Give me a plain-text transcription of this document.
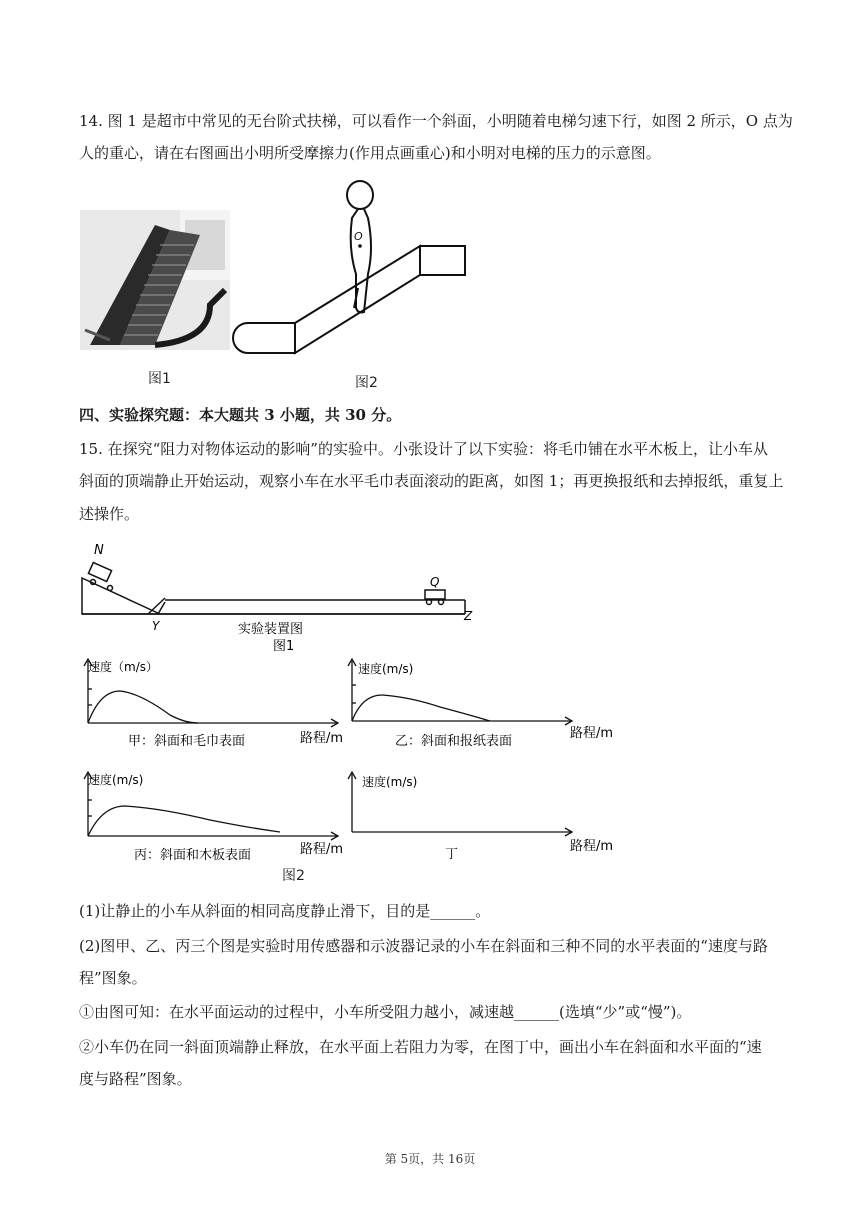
14. 图 1 是超市中常见的无台阶式扶梯，可以看作一个斜面，小明随着电梯匀速下行，如图 2 所示，O 点为
人的重心，请在右图画出小明所受摩擦力(作用点画重心)和小明对电梯的压力的示意图。
图1
O
图2
四、实验探究题：本大题共 3 小题，共 30 分。
15. 在探究“阻力对物体运动的影响”的实验中。小张设计了以下实验：将毛巾铺在水平木板上，让小车从
斜面的顶端静止开始运动，观察小车在水平毛巾表面滚动的距离，如图 1；再更换报纸和去掉报纸，重复上
述操作。
N
Y
Q
Z
实验装置图
图1
速度（m/s）
路程/m
甲：斜面和毛巾表面
速度(m/s)
路程/m
乙：斜面和报纸表面
速度(m/s)
路程/m
丙：斜面和木板表面
速度(m/s)
路程/m
丁
图2
(1)让静止的小车从斜面的相同高度静止滑下，目的是______。
(2)图甲、乙、丙三个图是实验时用传感器和示波器记录的小车在斜面和三种不同的水平表面的“速度与路
程”图象。
①由图可知：在水平面运动的过程中，小车所受阻力越小，减速越______(选填“少”或“慢”)。
②小车仍在同一斜面顶端静止释放，在水平面上若阻力为零，在图丁中，画出小车在斜面和水平面的“速
度与路程”图象。
第 5页，共 16页
